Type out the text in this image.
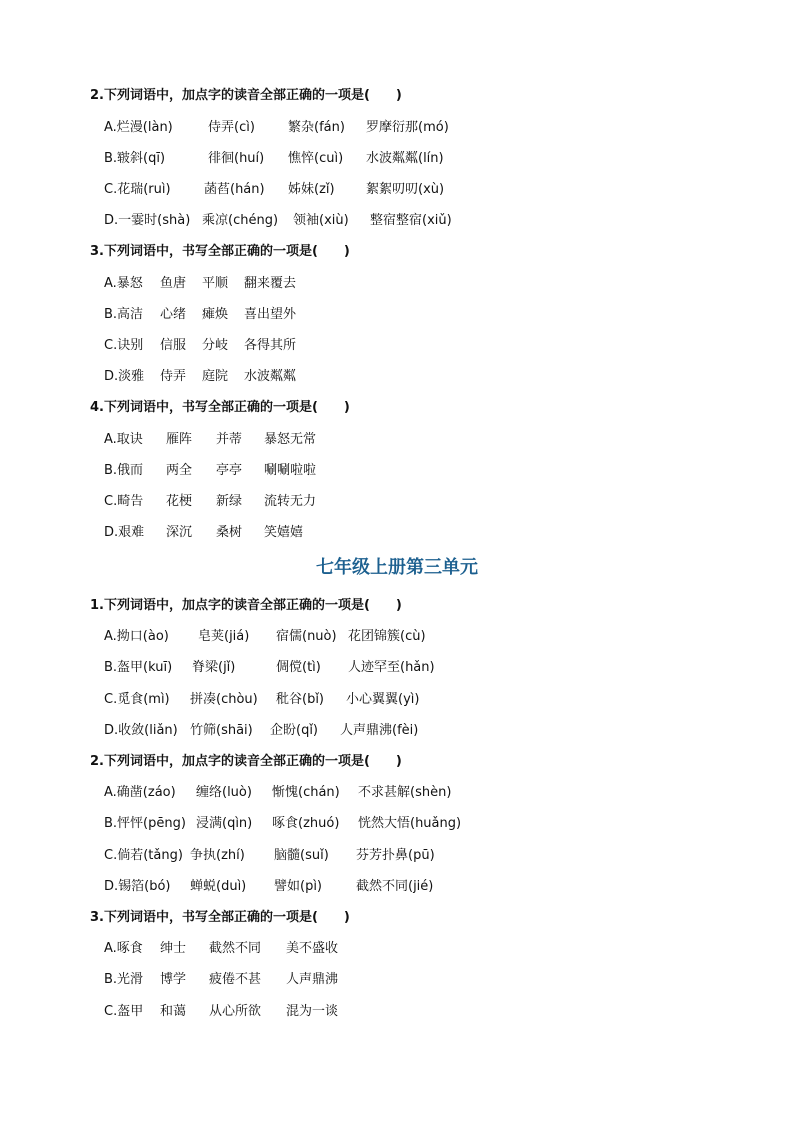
2.下列词语中，加点字的读音全部正确的一项是(　　)
A.烂漫(làn)	侍弄(cì)	繁杂(fán) 罗摩衍那(mó)
B.皲斜(qī)	徘徊(huí) 憔悴(cuì) 水波粼粼(lín)
C.花瑞(ruì)	菡萏(hán) 姊妹(zǐ) 絮絮叨叨(xù)
D.一霎时(shà) 乘凉(chéng) 领袖(xiù) 整宿整宿(xiǔ)
3.下列词语中，书写全部正确的一项是(　　)
A.暴怒 鱼唐 平顺 翻来覆去
B.高洁 心绪 瘫焕 喜出望外
C.诀别 信服 分岐 各得其所
D.淡雅 侍弄 庭院 水波粼粼
4.下列词语中，书写全部正确的一项是(　　)
A.取诀 雁阵 并蒂 暴怒无常
B.俄而 两全 亭亭 唰唰啦啦
C.畸告 花梗 新绿 流转无力
D.艰难 深沉 桑树 笑嬉嬉
七年级上册第三单元
1.下列词语中，加点字的读音全部正确的一项是(　　)
A.拗口(ào) 皂荚(jiá) 宿儒(nuò) 花团锦簇(cù)
B.盔甲(kuī) 脊梁(jǐ)	倜傥(tì) 人迹罕至(hǎn)
C.觅食(mì) 拼凑(chòu) 秕谷(bǐ) 小心翼翼(yì)
D.收敛(liǎn) 竹筛(shāi) 企盼(qǐ) 人声鼎沸(fèi)
2.下列词语中，加点字的读音全部正确的一项是(　　)
A.确凿(záo) 缠络(luò) 惭愧(chán) 不求甚解(shèn)
B.怦怦(pēng) 浸满(qìn) 啄食(zhuó) 恍然大悟(huǎng)
C.倘若(tǎng) 争执(zhí) 脑髓(suǐ) 芬芳扑鼻(pū)
D.锡箔(bó) 蝉蜕(duì) 譬如(pì)	截然不同(jié)
3.下列词语中，书写全部正确的一项是(　　)
A.啄食 绅士 截然不同 美不盛收
B.光滑 博学 疲倦不甚 人声鼎沸
C.盔甲 和蔼 从心所欲 混为一谈
